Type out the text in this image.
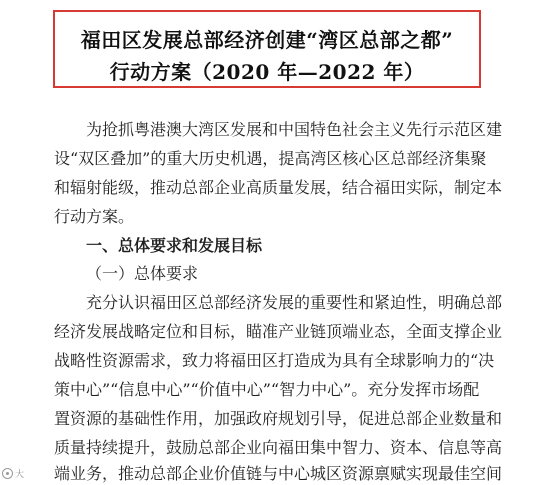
福田区发展总部经济创建“湾区总部之都”
行动方案（2020 年—2022 年）
为抢抓粤港澳大湾区发展和中国特色社会主义先行示范区建
设“双区叠加”的重大历史机遇，提高湾区核心区总部经济集聚
和辐射能级，推动总部企业高质量发展，结合福田实际，制定本
行动方案。
一、总体要求和发展目标
（一）总体要求
充分认识福田区总部经济发展的重要性和紧迫性，明确总部
经济发展战略定位和目标，瞄准产业链顶端业态，全面支撑企业
战略性资源需求，致力将福田区打造成为具有全球影响力的“决
策中心”“信息中心”“价值中心”“智力中心”。充分发挥市场配
置资源的基础性作用，加强政府规划引导，促进总部企业数量和
质量持续提升，鼓励总部企业向福田集中智力、资本、信息等高
端业务，推动总部企业价值链与中心城区资源禀赋实现最佳空间
大
